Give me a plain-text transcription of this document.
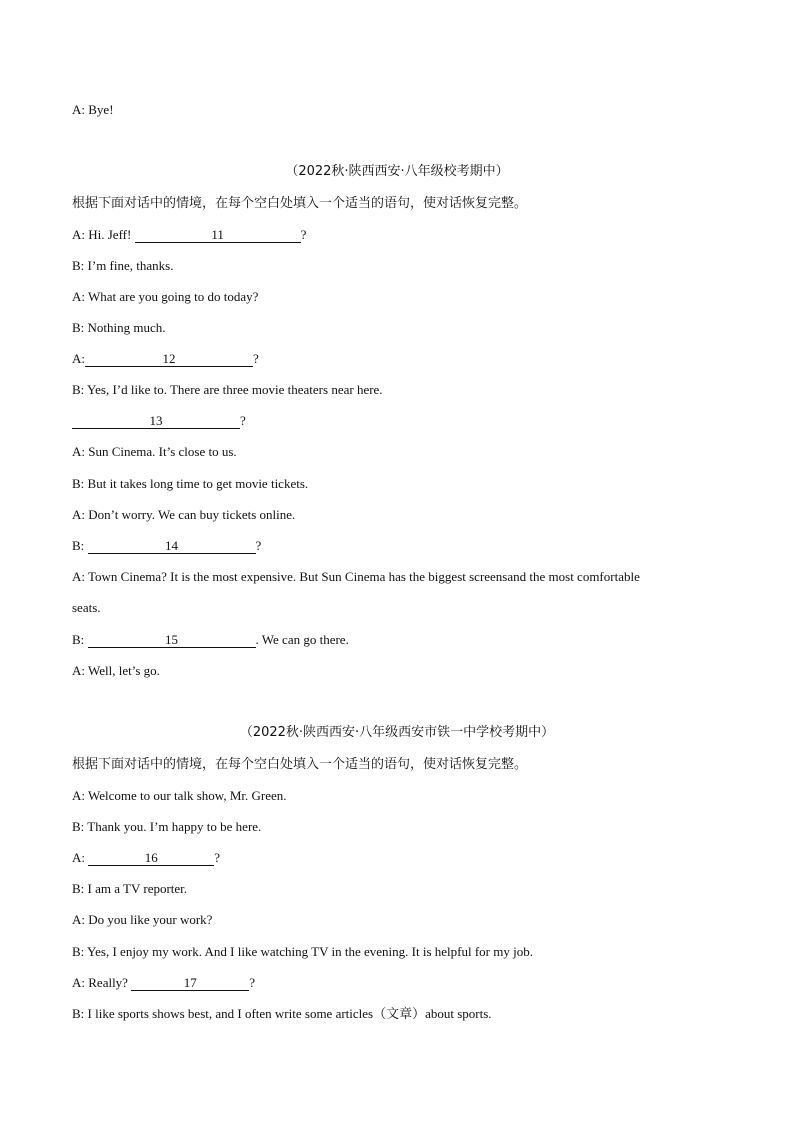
A: Bye!
（2022秋·陕西西安·八年级校考期中）
根据下面对话中的情境，在每个空白处填入一个适当的语句，使对话恢复完整。
A: Hi. Jeff!	11	?
B: I’m fine, thanks.
A: What are you going to do today?
B: Nothing much.
A:	12	?
B: Yes, I’d like to. There are three movie theaters near here.
13	?
A: Sun Cinema. It’s close to us.
B: But it takes long time to get movie tickets.
A: Don’t worry. We can buy tickets online.
B:	14	?
A: Town Cinema? It is the most expensive. But Sun Cinema has the biggest screensand the most comfortable
seats.
B:	15	. We can go there.
A: Well, let’s go.
（2022秋·陕西西安·八年级西安市铁一中学校考期中）
根据下面对话中的情境，在每个空白处填入一个适当的语句，使对话恢复完整。
A: Welcome to our talk show, Mr. Green.
B: Thank you. I’m happy to be here.
A:	16	?
B: I am a TV reporter.
A: Do you like your work?
B: Yes, I enjoy my work. And I like watching TV in the evening. It is helpful for my job.
A: Really?	17	?
B: I like sports shows best, and I often write some articles（文章）about sports.
